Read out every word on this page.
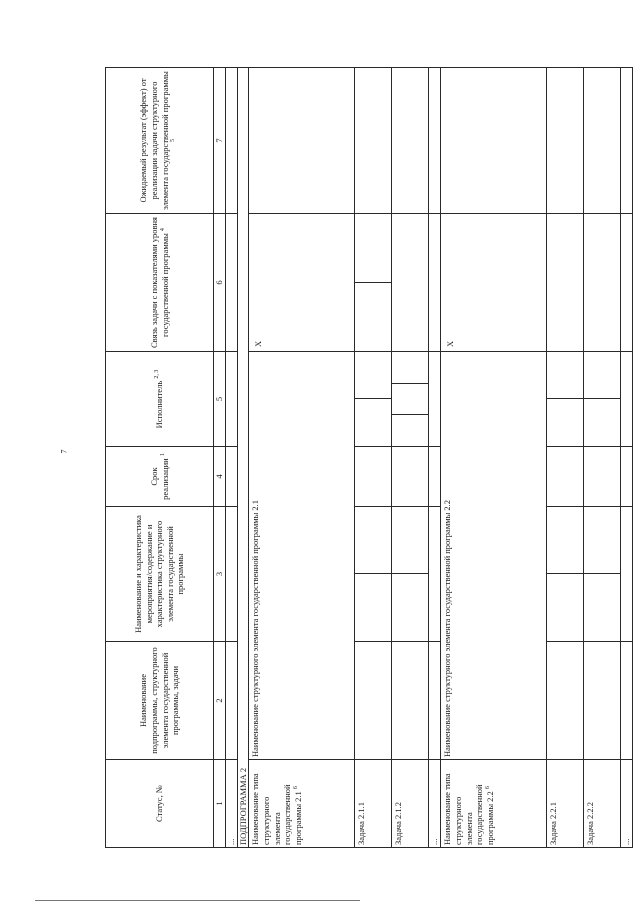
7
Статус, №	Наименование подпрограммы, структурного элемента государственной программы, задачи	Наименование и характеристика мероприятия/содержание и характеристика структурного элемента государственной программы	Срок реализации $^1$	Исполнитель $^{2, 3}$	Связь задачи с показателями уровня государственной программы $^4$	Ожидаемый результат (эффект) от реализации задачи структурного элемента государственной программы $^5$
1	2	3	4	5	6	7
...						
ПОДПРОГРАММА 2						
Наименование типа структурного элемента государственной программы 2.1 $^6$	Наименование структурного элемента государственной программы 2.1				X	
Задача 2.1.1		

Задача 2.1.2		

...						
Наименование типа структурного элемента государственной программы 2.2 $^6$	Наименование структурного элемента государственной программы 2.2				X	
Задача 2.2.1		

Задача 2.2.2		

...						
